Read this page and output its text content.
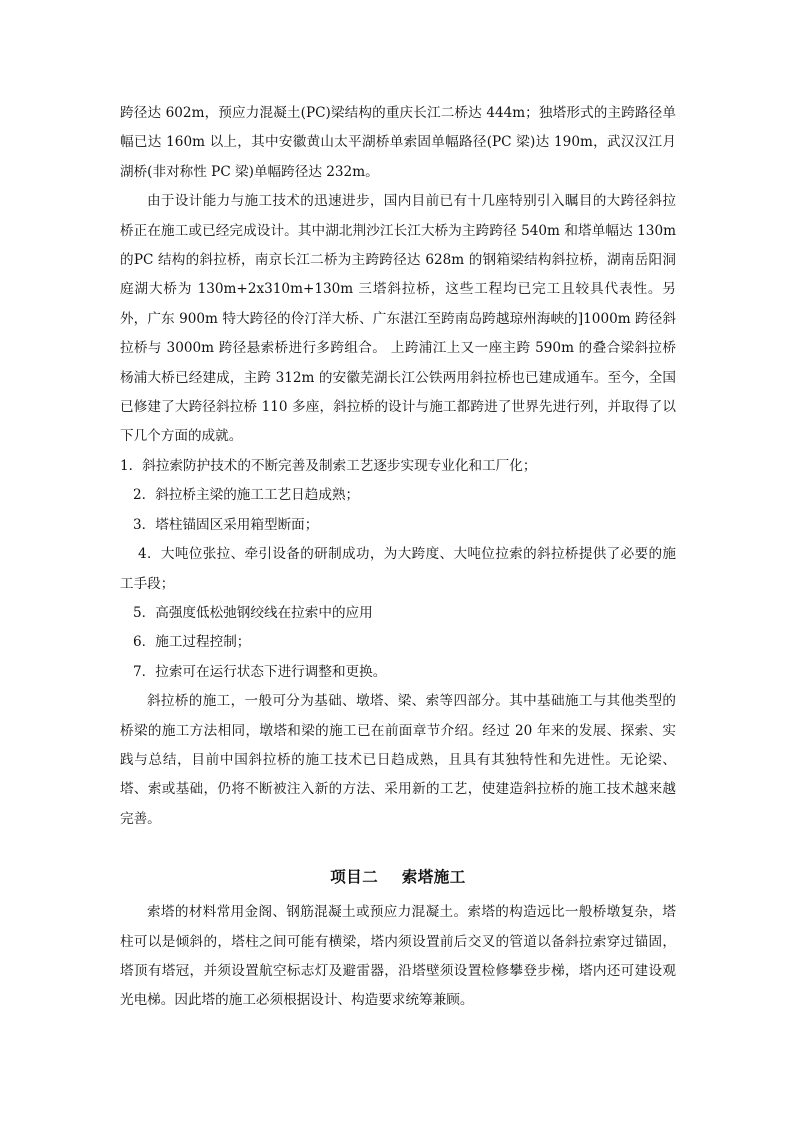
跨径达 602m，预应力混凝土(PC)梁结构的重庆长江二桥达 444m；独塔形式的主跨路径单幅已达 160m 以上，其中安徽黄山太平湖桥单索固单幅路径(PC 梁)达 190m，武汉汉江月湖桥(非对称性 PC 梁)单幅跨径达 232m。

由于设计能力与施工技术的迅速进步，国内目前已有十几座特别引入瞩目的大跨径斜拉桥正在施工或已经完成设计。其中湖北荆沙江长江大桥为主跨跨径 540m 和塔单幅达 130m 的PC 结构的斜拉桥，南京长江二桥为主跨跨径达 628m 的钢箱梁结构斜拉桥，湖南岳阳洞庭湖大桥为 130m+2x310m+130m 三塔斜拉桥，这些工程均已完工且较具代表性。另外，广东 900m 特大跨径的伶汀洋大桥、广东湛江至跨南岛跨越琼州海峡的]1000m 跨径斜拉桥与 3000m 跨径悬索桥进行多跨组合。 上跨浦江上又一座主跨 590m 的叠合梁斜拉桥杨浦大桥已经建成，主跨 312m 的安徽芜湖长江公铁两用斜拉桥也已建成通车。至今，全国已修建了大跨径斜拉桥 110 多座，斜拉桥的设计与施工都跨进了世界先进行列，并取得了以下几个方面的成就。

1．斜拉索防护技术的不断完善及制索工艺逐步实现专业化和工厂化；

2．斜拉桥主梁的施工工艺日趋成熟；

3．塔柱锚固区采用箱型断面；

4．大吨位张拉、牵引设备的研制成功，为大跨度、大吨位拉索的斜拉桥提供了必要的施工手段；

5．高强度低松弛钢绞线在拉索中的应用

6．施工过程控制；

7．拉索可在运行状态下进行调整和更换。

斜拉桥的施工，一般可分为基础、墩塔、梁、索等四部分。其中基础施工与其他类型的桥梁的施工方法相同，墩塔和梁的施工已在前面章节介绍。经过 20 年来的发展、探索、实践与总结，目前中国斜拉桥的施工技术已日趋成熟，且具有其独特性和先进性。无论梁、塔、索或基础，仍将不断被注入新的方法、采用新的工艺，使建造斜拉桥的施工技术越来越完善。

项目二    索塔施工

索塔的材料常用金阁、钢筋混凝土或预应力混凝土。索塔的构造远比一般桥墩复杂，塔柱可以是倾斜的，塔柱之间可能有横梁，塔内须设置前后交叉的管道以备斜拉索穿过锚固，塔顶有塔冠，并须设置航空标志灯及避雷器，沿塔壁须设置检修攀登步梯，塔内还可建设观光电梯。因此塔的施工必须根据设计、构造要求统筹兼顾。
